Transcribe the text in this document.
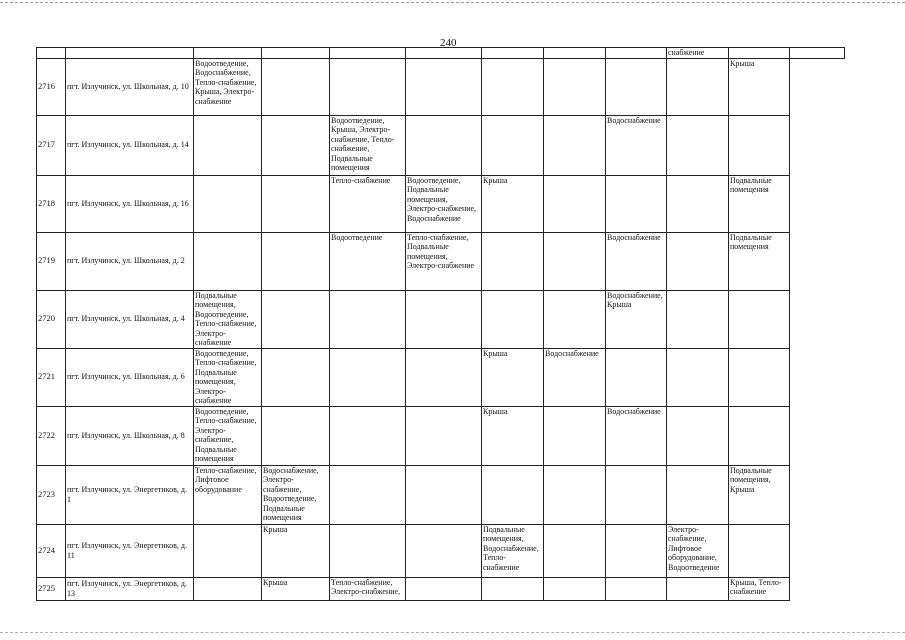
240
									снабжение		
2716	пгт. Излучинск, ул. Школьная, д. 10	Водоотведение, Водоснабжение, Тепло-снабжение, Крыша, Электро-снабжение								Крыша	
2717	пгт. Излучинск, ул. Школьная, д. 14			Водоотведение, Крыша, Электро-снабжение, Тепло-снабжение, Подвальные помещения				Водоснабжение			
2718	пгт. Излучинск, ул. Школьная, д. 16			Тепло-снабжение	Водоотведение, Подвальные помещения, Электро-снабжение, Водоснабжение	Крыша				Подвальные помещения	
2719	пгт. Излучинск, ул. Школьная, д. 2			Водоотведение	Тепло-снабжение, Подвальные помещения, Электро-снабжение			Водоснабжение		Подвальные помещения	
2720	пгт. Излучинск, ул. Школьная, д. 4	Подвальные помещения, Водоотведение, Тепло-снабжение, Электро-снабжение						Водоснабжение, Крыша			
2721	пгт. Излучинск, ул. Школьная, д. 6	Водоотведение, Тепло-снабжение, Подвальные помещения, Электро-снабжение				Крыша	Водоснабжение				
2722	пгт. Излучинск, ул. Школьная, д. 8	Водоотведение, Тепло-снабжение, Электро-снабжение, Подвальные помещения				Крыша		Водоснабжение			
2723	пгт. Излучинск, ул. Энергетиков, д. 1	Тепло-снабжение, Лифтовое оборудование	Водоснабжение, Электро-снабжение, Водоотведение, Подвальные помещения							Подвальные помещения, Крыша	
2724	пгт. Излучинск, ул. Энергетиков, д. 11		Крыша			Подвальные помещения, Водоснабжение, Тепло-снабжение			Электро-снабжение, Лифтовое оборудование, Водоотведение		
2725	пгт. Излучинск, ул. Энергетиков, д. 13		Крыша	Тепло-снабжение, Электро-снабжение,						Крыша, Тепло-снабжение	
